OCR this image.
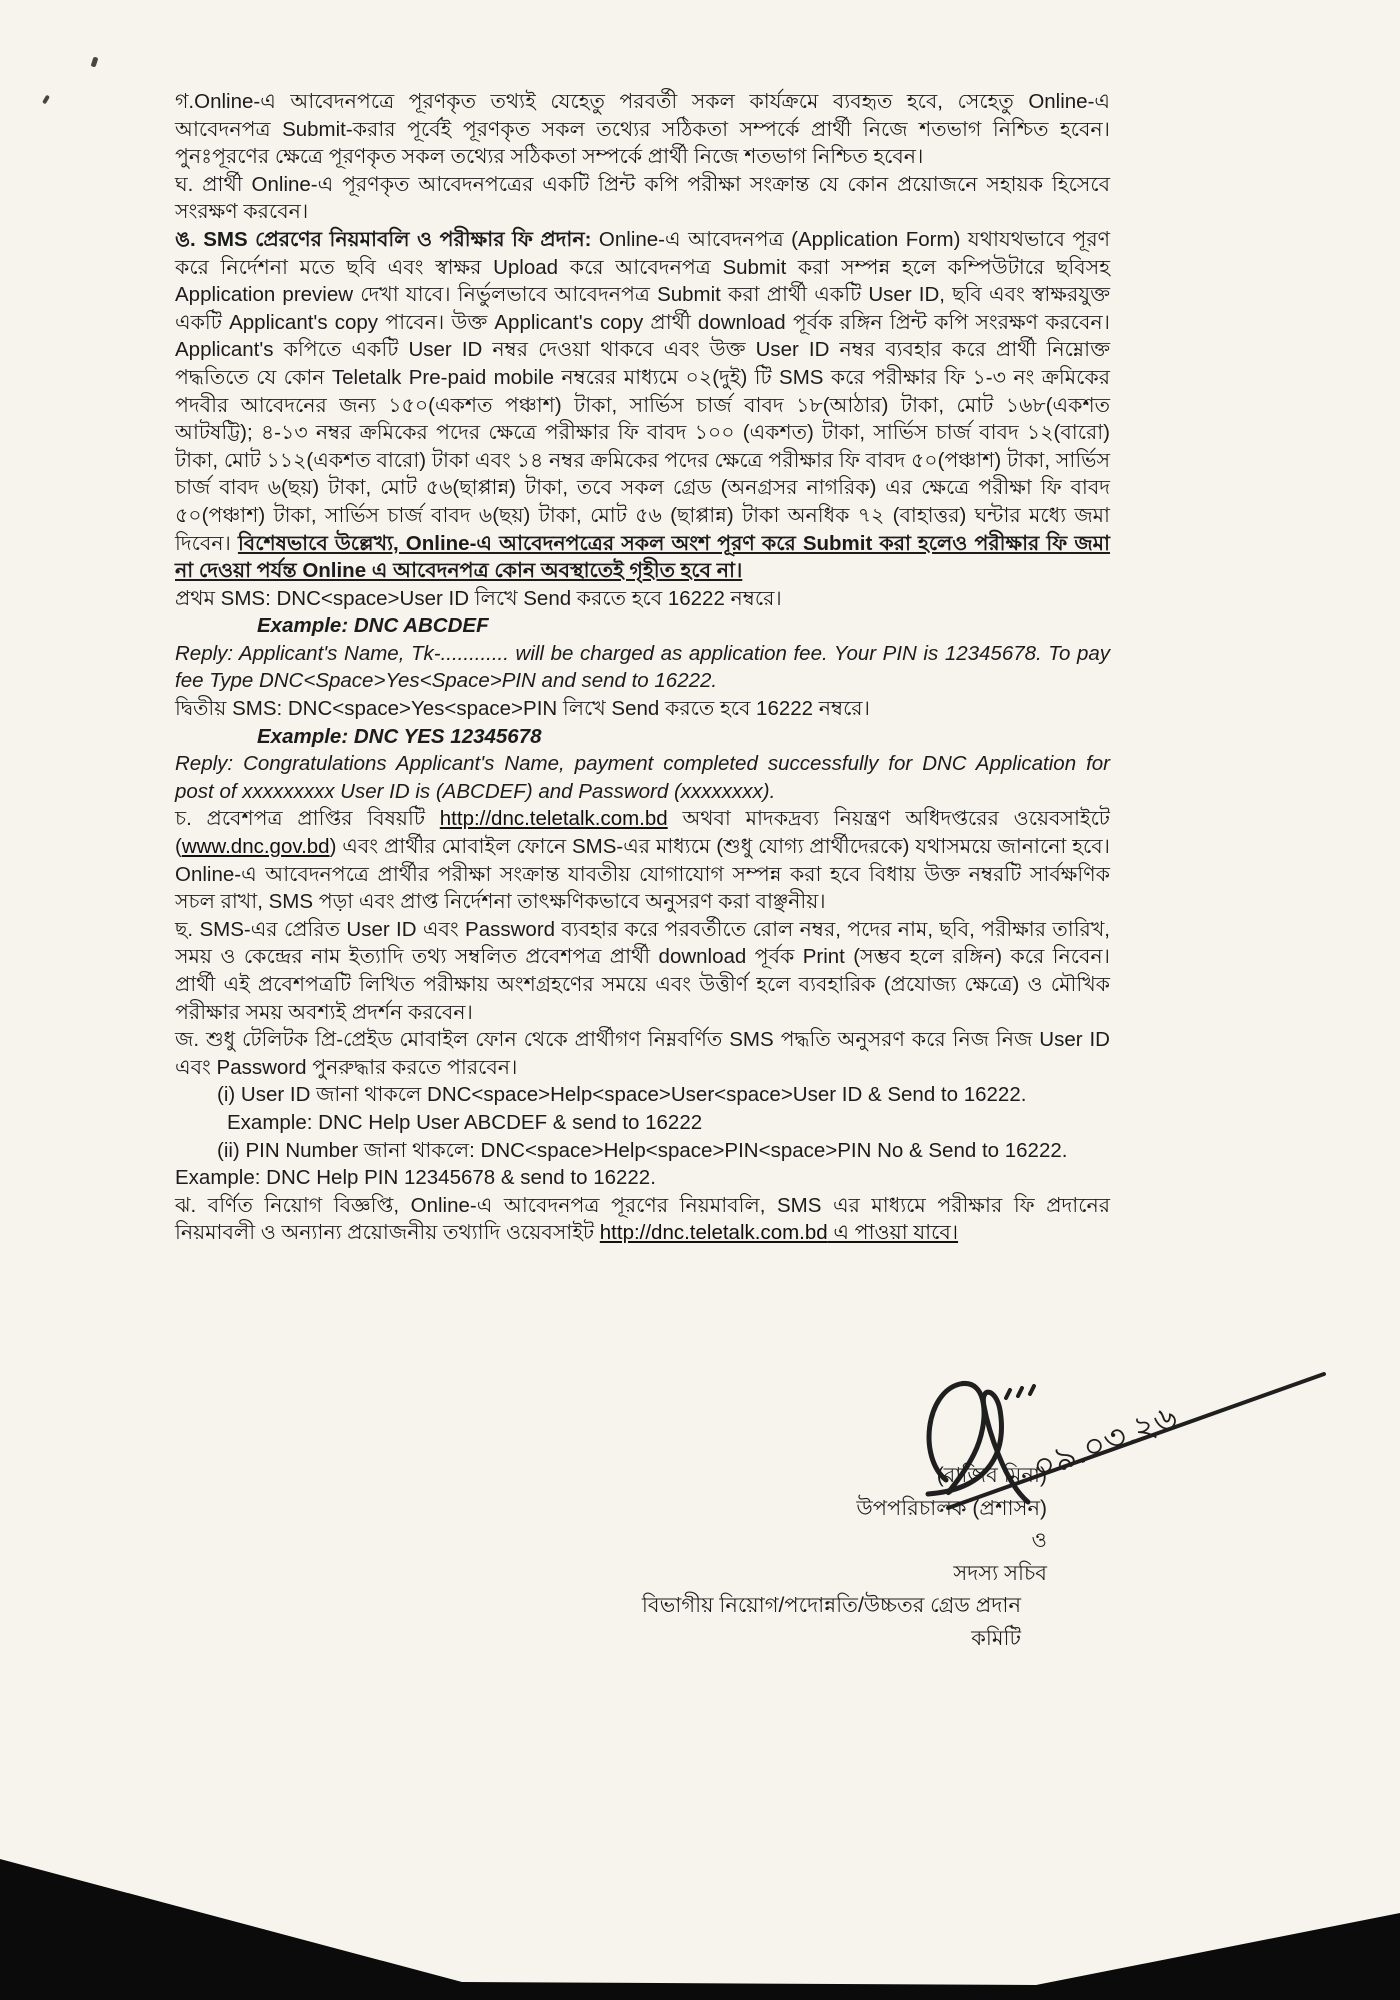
গ.Online-এ আবেদনপত্রে পূরণকৃত তথ্যই যেহেতু পরবর্তী সকল কার্যক্রমে ব্যবহৃত হবে, সেহেতু Online-এ আবেদনপত্র Submit-করার পূর্বেই পূরণকৃত সকল তথ্যের সঠিকতা সম্পর্কে প্রার্থী নিজে শতভাগ নিশ্চিত হবেন। পুনঃপূরণের ক্ষেত্রে পূরণকৃত সকল তথ্যের সঠিকতা সম্পর্কে প্রার্থী নিজে শতভাগ নিশ্চিত হবেন।

ঘ. প্রার্থী Online-এ পূরণকৃত আবেদনপত্রের একটি প্রিন্ট কপি পরীক্ষা সংক্রান্ত যে কোন প্রয়োজনে সহায়ক হিসেবে সংরক্ষণ করবেন।

ঙ. SMS প্রেরণের নিয়মাবলি ও পরীক্ষার ফি প্রদান: Online-এ আবেদনপত্র (Application Form) যথাযথভাবে পূরণ করে নির্দেশনা মতে ছবি এবং স্বাক্ষর Upload করে আবেদনপত্র Submit করা সম্পন্ন হলে কম্পিউটারে ছবিসহ Application preview দেখা যাবে। নির্ভুলভাবে আবেদনপত্র Submit করা প্রার্থী একটি User ID, ছবি এবং স্বাক্ষরযুক্ত একটি Applicant's copy পাবেন। উক্ত Applicant's copy প্রার্থী download পূর্বক রঙ্গিন প্রিন্ট কপি সংরক্ষণ করবেন। Applicant's কপিতে একটি User ID নম্বর দেওয়া থাকবে এবং উক্ত User ID নম্বর ব্যবহার করে প্রার্থী নিম্নোক্ত পদ্ধতিতে যে কোন Teletalk Pre-paid mobile নম্বরের মাধ্যমে ০২(দুই) টি SMS করে পরীক্ষার ফি ১-৩ নং ক্রমিকের পদবীর আবেদনের জন্য ১৫০(একশত পঞ্চাশ) টাকা, সার্ভিস চার্জ বাবদ ১৮(আঠার) টাকা, মোট ১৬৮(একশত আটষট্টি); ৪-১৩ নম্বর ক্রমিকের পদের ক্ষেত্রে পরীক্ষার ফি বাবদ ১০০ (একশত) টাকা, সার্ভিস চার্জ বাবদ ১২(বারো) টাকা, মোট ১১২(একশত বারো) টাকা এবং ১৪ নম্বর ক্রমিকের পদের ক্ষেত্রে পরীক্ষার ফি বাবদ ৫০(পঞ্চাশ) টাকা, সার্ভিস চার্জ বাবদ ৬(ছয়) টাকা, মোট ৫৬(ছাপ্পান্ন) টাকা, তবে সকল গ্রেড (অনগ্রসর নাগরিক) এর ক্ষেত্রে পরীক্ষা ফি বাবদ ৫০(পঞ্চাশ) টাকা, সার্ভিস চার্জ বাবদ ৬(ছয়) টাকা, মোট ৫৬ (ছাপ্পান্ন) টাকা অনধিক ৭২ (বাহাত্তর) ঘন্টার মধ্যে জমা দিবেন। বিশেষভাবে উল্লেখ্য, Online-এ আবেদনপত্রের সকল অংশ পূরণ করে Submit করা হলেও পরীক্ষার ফি জমা না দেওয়া পর্যন্ত Online এ আবেদনপত্র কোন অবস্থাতেই গৃহীত হবে না।

প্রথম SMS: DNC<space>User ID লিখে Send করতে হবে 16222 নম্বরে।

Example: DNC ABCDEF

Reply: Applicant's Name, Tk-............ will be charged as application fee. Your PIN is 12345678. To pay fee Type DNC<Space>Yes<Space>PIN and send to 16222.

দ্বিতীয় SMS: DNC<space>Yes<space>PIN লিখে Send করতে হবে 16222 নম্বরে।

Example: DNC YES 12345678

Reply: Congratulations Applicant's Name, payment completed successfully for DNC Application for post of xxxxxxxxx User ID is (ABCDEF) and Password (xxxxxxxx).

চ. প্রবেশপত্র প্রাপ্তির বিষয়টি http://dnc.teletalk.com.bd অথবা মাদকদ্রব্য নিয়ন্ত্রণ অধিদপ্তরের ওয়েবসাইটে (www.dnc.gov.bd) এবং প্রার্থীর মোবাইল ফোনে SMS-এর মাধ্যমে (শুধু যোগ্য প্রার্থীদেরকে) যথাসময়ে জানানো হবে। Online-এ আবেদনপত্রে প্রার্থীর পরীক্ষা সংক্রান্ত যাবতীয় যোগাযোগ সম্পন্ন করা হবে বিধায় উক্ত নম্বরটি সার্বক্ষণিক সচল রাখা, SMS পড়া এবং প্রাপ্ত নির্দেশনা তাৎক্ষণিকভাবে অনুসরণ করা বাঞ্ছনীয়।

ছ. SMS-এর প্রেরিত User ID এবং Password ব্যবহার করে পরবর্তীতে রোল নম্বর, পদের নাম, ছবি, পরীক্ষার তারিখ, সময় ও কেন্দ্রের নাম ইত্যাদি তথ্য সম্বলিত প্রবেশপত্র প্রার্থী download পূর্বক Print (সম্ভব হলে রঙ্গিন) করে নিবেন। প্রার্থী এই প্রবেশপত্রটি লিখিত পরীক্ষায় অংশগ্রহণের সময়ে এবং উত্তীর্ণ হলে ব্যবহারিক (প্রযোজ্য ক্ষেত্রে) ও মৌখিক পরীক্ষার সময় অবশ্যই প্রদর্শন করবেন।

জ. শুধু টেলিটক প্রি-প্রেইড মোবাইল ফোন থেকে প্রার্থীগণ নিম্নবর্ণিত SMS পদ্ধতি অনুসরণ করে নিজ নিজ User ID এবং Password পুনরুদ্ধার করতে পারবেন।

(i) User ID জানা থাকলে DNC<space>Help<space>User<space>User ID & Send to 16222.

Example: DNC Help User ABCDEF & send to 16222

(ii) PIN Number জানা থাকলে: DNC<space>Help<space>PIN<space>PIN No & Send to 16222.

Example: DNC Help PIN 12345678 & send to 16222.

ঝ. বর্ণিত নিয়োগ বিজ্ঞপ্তি, Online-এ আবেদনপত্র পূরণের নিয়মাবলি, SMS এর মাধ্যমে পরীক্ষার ফি প্রদানের নিয়মাবলী ও অন্যান্য প্রয়োজনীয় তথ্যাদি ওয়েবসাইট http://dnc.teletalk.com.bd এ পাওয়া যাবে।

০৯.০৩.২৬
(রাজিব মিনা)
উপপরিচালক (প্রশাসন)
ও
সদস্য সচিব
বিভাগীয় নিয়োগ/পদোন্নতি/উচ্চতর গ্রেড প্রদান কমিটি
